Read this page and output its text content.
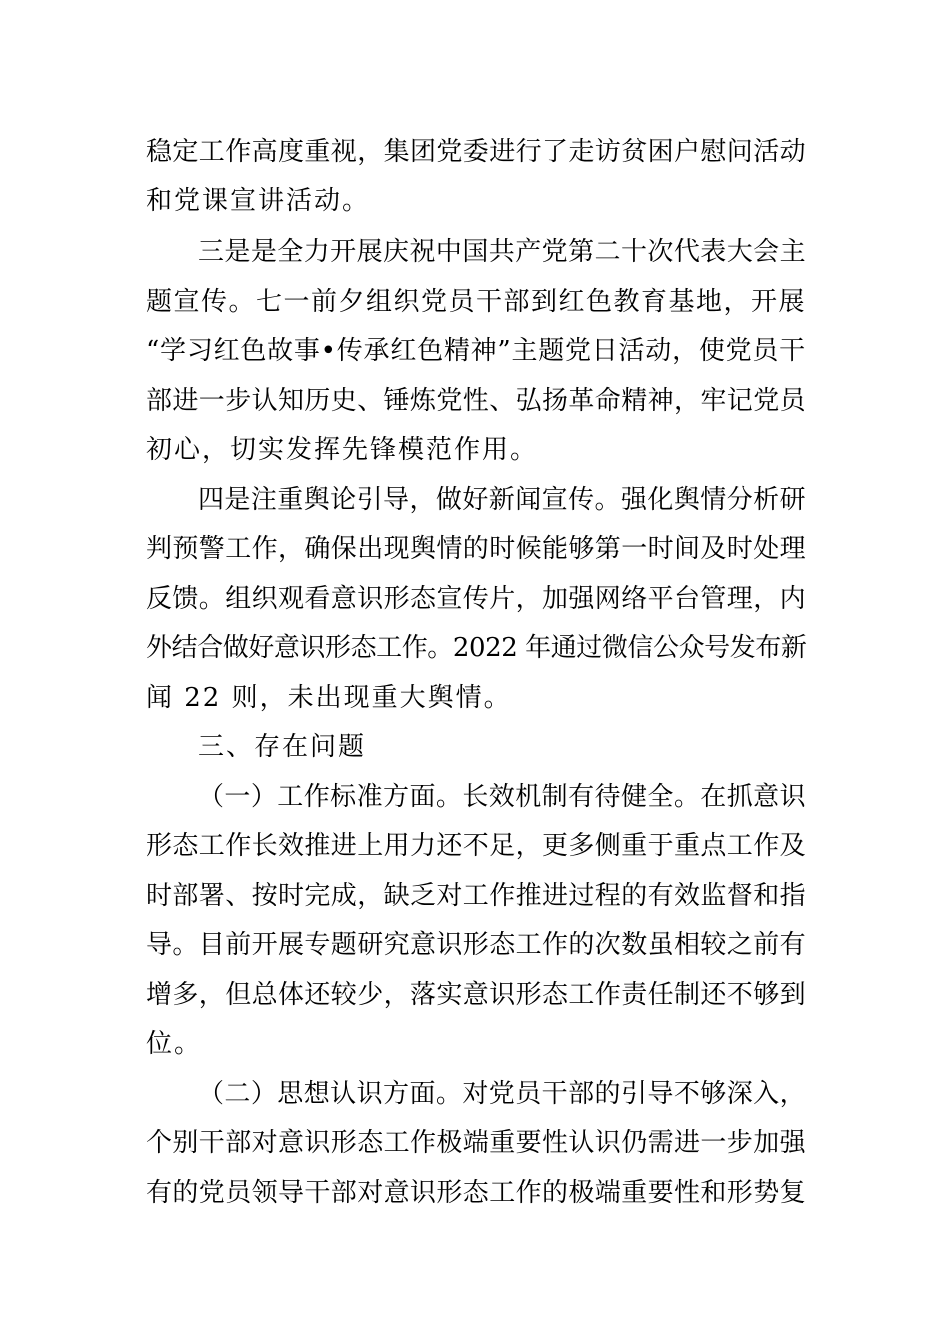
稳定工作高度重视，集团党委进行了走访贫困户慰问活动
和党课宣讲活动。
三是是全力开展庆祝中国共产党第二十次代表大会主
题宣传。七一前夕组织党员干部到红色教育基地，开展
“学习红色故事•传承红色精神”主题党日活动，使党员干
部进一步认知历史、锤炼党性、弘扬革命精神，牢记党员
初心，切实发挥先锋模范作用。
四是注重舆论引导，做好新闻宣传。强化舆情分析研
判预警工作，确保出现舆情的时候能够第一时间及时处理
反馈。组织观看意识形态宣传片，加强网络平台管理，内
外结合做好意识形态工作。2022 年通过微信公众号发布新
闻 22 则，未出现重大舆情。
三、存在问题
（一）工作标准方面。长效机制有待健全。在抓意识
形态工作长效推进上用力还不足，更多侧重于重点工作及
时部署、按时完成，缺乏对工作推进过程的有效监督和指
导。目前开展专题研究意识形态工作的次数虽相较之前有
增多，但总体还较少，落实意识形态工作责任制还不够到
位。
（二）思想认识方面。对党员干部的引导不够深入，
个别干部对意识形态工作极端重要性认识仍需进一步加强
有的党员领导干部对意识形态工作的极端重要性和形势复
